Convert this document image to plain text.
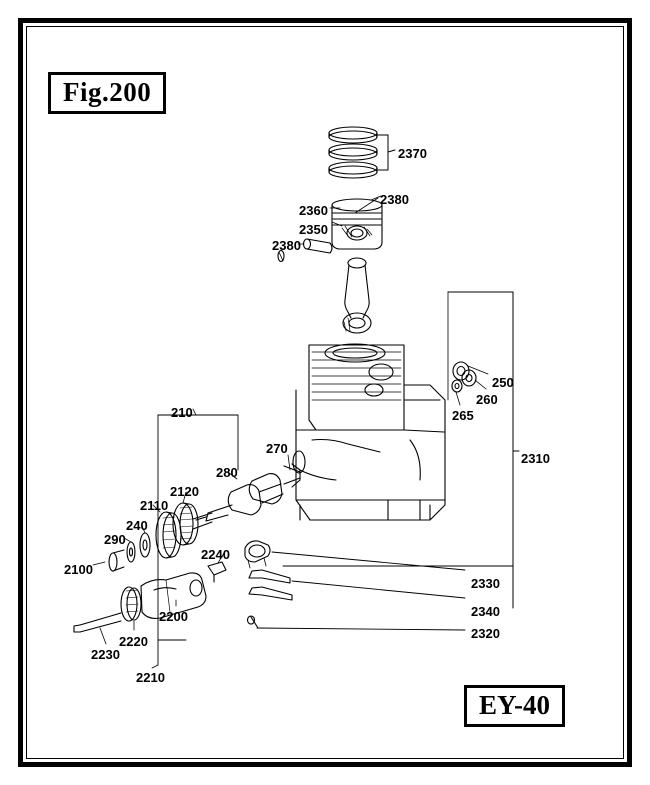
Fig.200
EY-40
2370
2380
2360
2350
2380
250
260
265
2310
210
270
280
2120
2110
240
290
2240
2100
2200
2220
2230
2210
2330
2340
2320
